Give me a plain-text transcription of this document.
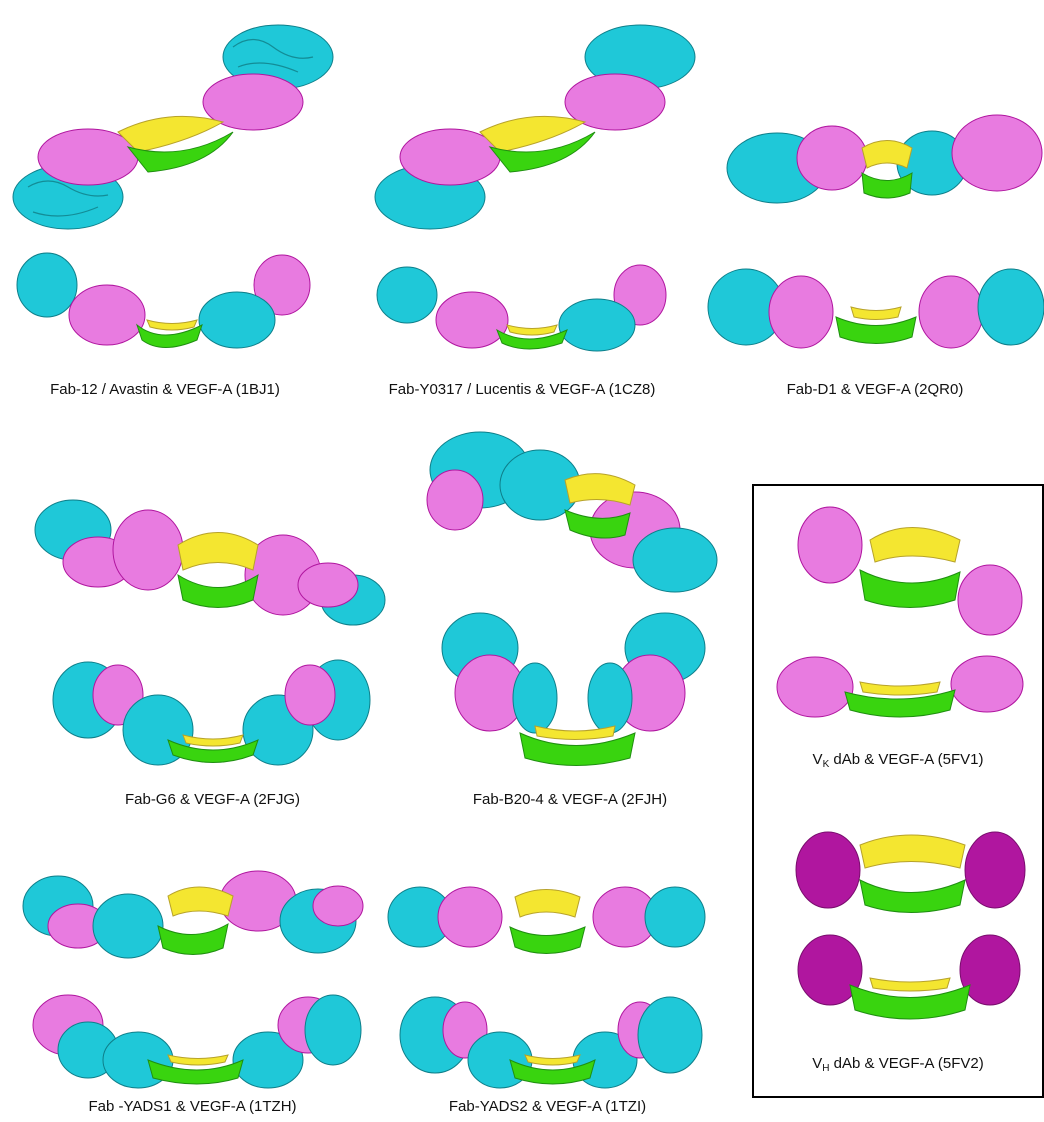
Fab-12 / Avastin & VEGF-A (1BJ1)	Fab-Y0317 / Lucentis & VEGF-A (1CZ8)	Fab-D1 & VEGF-A (2QR0)
Fab-G6 & VEGF-A (2FJG)	Fab-B20-4 & VEGF-A (2FJH)
Fab -YADS1 & VEGF-A (1TZH)	Fab-YADS2 & VEGF-A (1TZI)
$V_K$ dAb & VEGF-A (5FV1)
$V_H$ dAb & VEGF-A (5FV2)
